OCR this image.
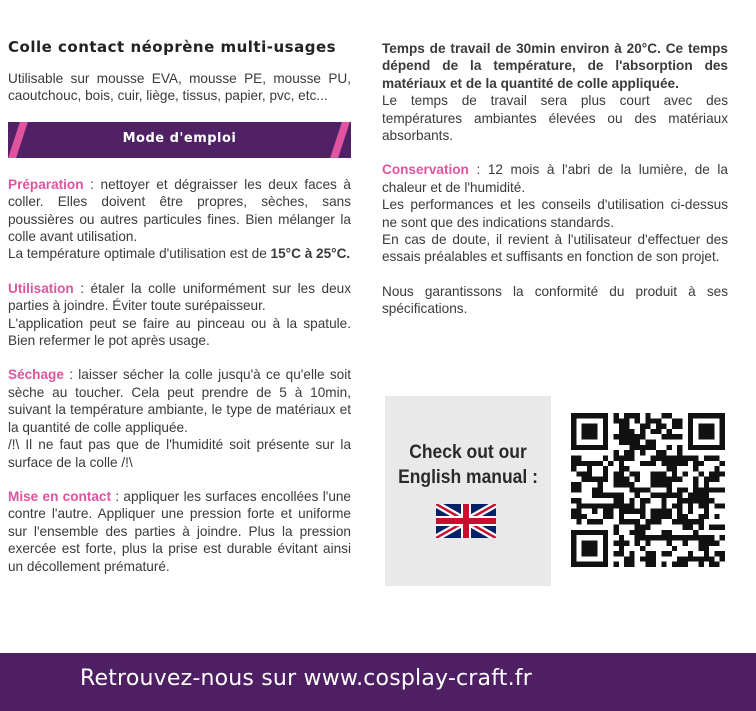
Colle contact néoprène multi-usages

Utilisable sur mousse EVA, mousse PE, mousse PU, caoutchouc, bois, cuir, liège, tissus, papier, pvc, etc...

Mode d'emploi

Préparation : nettoyer et dégraisser les deux faces à coller. Elles doivent être propres, sèches, sans poussières ou autres particules fines. Bien mélanger la colle avant utilisation.

La température optimale d'utilisation est de 15°C à 25°C.

Utilisation : étaler la colle uniformément sur les deux parties à joindre. Éviter toute surépaisseur.

L'application peut se faire au pinceau ou à la spatule. Bien refermer le pot après usage.

Séchage : laisser sécher la colle jusqu'à ce qu'elle soit sèche au toucher. Cela peut prendre de 5 à 10min, suivant la température ambiante, le type de matériaux et la quantité de colle appliquée.

/!\ Il ne faut pas que de l'humidité soit présente sur la surface de la colle /!\

Mise en contact : appliquer les surfaces encollées l'une contre l'autre. Appliquer une pression forte et uniforme sur l'ensemble des parties à joindre. Plus la pression exercée est forte, plus la prise est durable évitant ainsi un décollement prématuré.

Temps de travail de 30min environ à 20°C. Ce temps dépend de la température, de l'absorption des matériaux et de la quantité de colle appliquée.

Le temps de travail sera plus court avec des températures ambiantes élevées ou des matériaux absorbants.

Conservation : 12 mois à l'abri de la lumière, de la chaleur et de l'humidité.

Les performances et les conseils d'utilisation ci-dessus ne sont que des indications standards.

En cas de doute, il revient à l'utilisateur d'effectuer des essais préalables et suffisants en fonction de son projet.

Nous garantissons la conformité du produit à ses spécifications.

Check out our
English manual :
Retrouvez-nous sur www.cosplay-craft.fr
